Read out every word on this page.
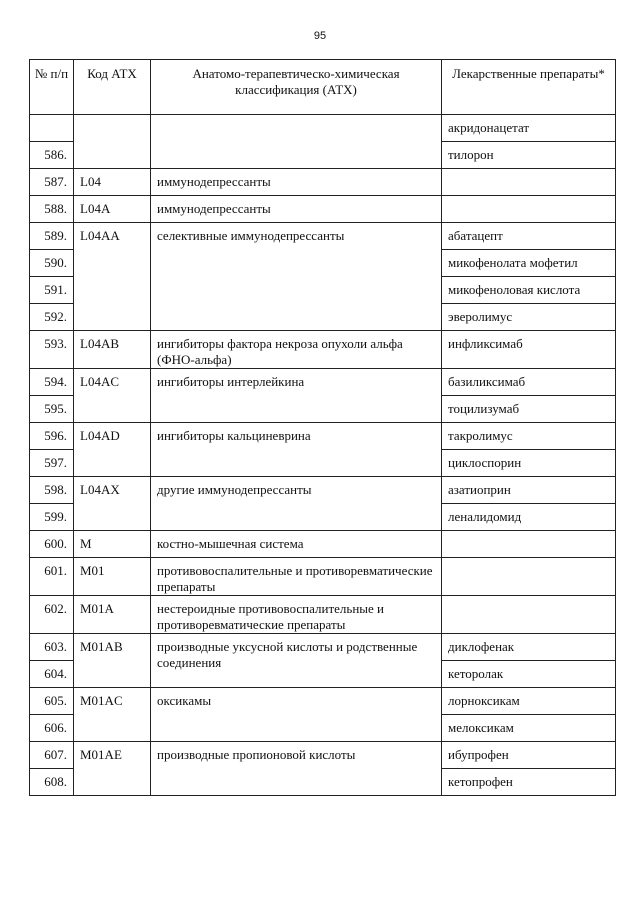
95
№ п/п	Код АТХ	Анатомо-терапевтическо-химическая классификация (АТХ)	Лекарственные препараты*
			акридонацетат
586.			тилорон
587.	L04	иммунодепрессанты	
588.	L04A	иммунодепрессанты	
589.	L04AA	селективные иммунодепрессанты	абатацепт
590.			микофенолата мофетил
591.			микофеноловая кислота
592.			эверолимус
593.	L04AB	ингибиторы фактора некроза опухоли альфа (ФНО-альфа)	инфликсимаб
594.	L04AC	ингибиторы интерлейкина	базиликсимаб
595.			тоцилизумаб
596.	L04AD	ингибиторы кальциневрина	такролимус
597.			циклоспорин
598.	L04AX	другие иммунодепрессанты	азатиоприн
599.			леналидомид
600.	M	костно-мышечная система	
601.	M01	противовоспалительные и противоревматические препараты	
602.	M01A	нестероидные противовоспалительные и противоревматические препараты	
603.	M01AB	производные уксусной кислоты и родственные соединения	диклофенак
604.			кеторолак
605.	M01AC	оксикамы	лорноксикам
606.			мелоксикам
607.	M01AE	производные пропионовой кислоты	ибупрофен
608.			кетопрофен
